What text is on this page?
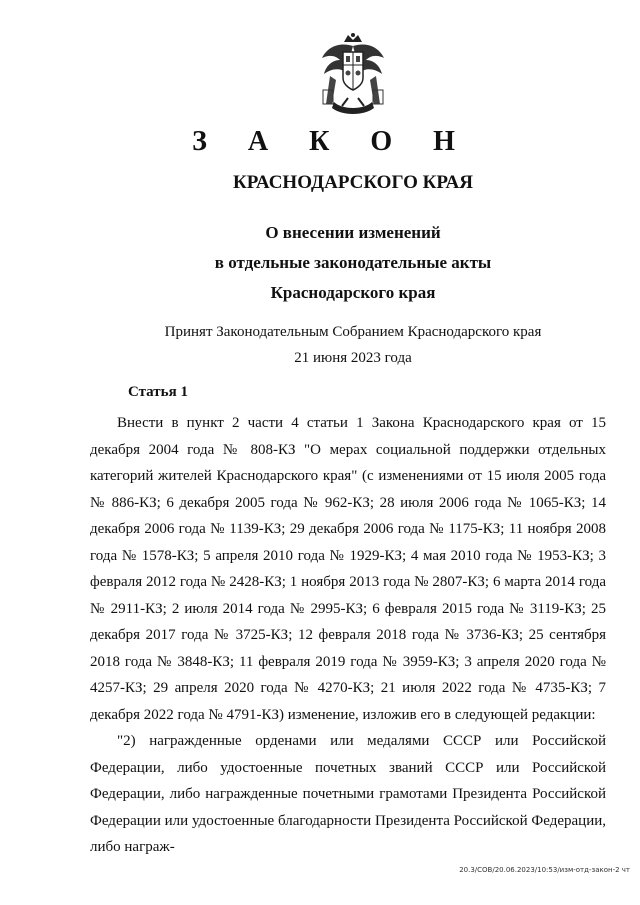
З А К О Н
КРАСНОДАРСКОГО КРАЯ
О внесении изменений
в отдельные законодательные акты
Краснодарского края
Принят Законодательным Собранием Краснодарского края
21 июня 2023 года
Статья 1

Внести в пункт 2 части 4 статьи 1 Закона Краснодарского края от 15 декабря 2004 года № 808-КЗ "О мерах социальной поддержки отдельных категорий жителей Краснодарского края" (с изменениями от 15 июля 2005 года № 886-КЗ; 6 декабря 2005 года № 962-КЗ; 28 июля 2006 года № 1065-КЗ; 14 декабря 2006 года № 1139-КЗ; 29 декабря 2006 года № 1175-КЗ; 11 ноября 2008 года № 1578-КЗ; 5 апреля 2010 года № 1929-КЗ; 4 мая 2010 года № 1953-КЗ; 3 февраля 2012 года № 2428-КЗ; 1 ноября 2013 года № 2807-КЗ; 6 марта 2014 года № 2911-КЗ; 2 июля 2014 года № 2995-КЗ; 6 февраля 2015 года № 3119-КЗ; 25 декабря 2017 года № 3725-КЗ; 12 февраля 2018 года № 3736-КЗ; 25 сентября 2018 года № 3848-КЗ; 11 февраля 2019 года № 3959-КЗ; 3 апреля 2020 года № 4257-КЗ; 29 апреля 2020 года № 4270-КЗ; 21 июля 2022 года № 4735-КЗ; 7 декабря 2022 года № 4791-КЗ) изменение, изложив его в следующей редакции:

"2) награжденные орденами или медалями СССР или Российской Федерации, либо удостоенные почетных званий СССР или Российской Федерации, либо награжденные почетными грамотами Президента Российской Федерации или удостоенные благодарности Президента Российской Федерации, либо награж-

20.3/СОВ/20.06.2023/10:53/изм-отд-закон-2 чт
